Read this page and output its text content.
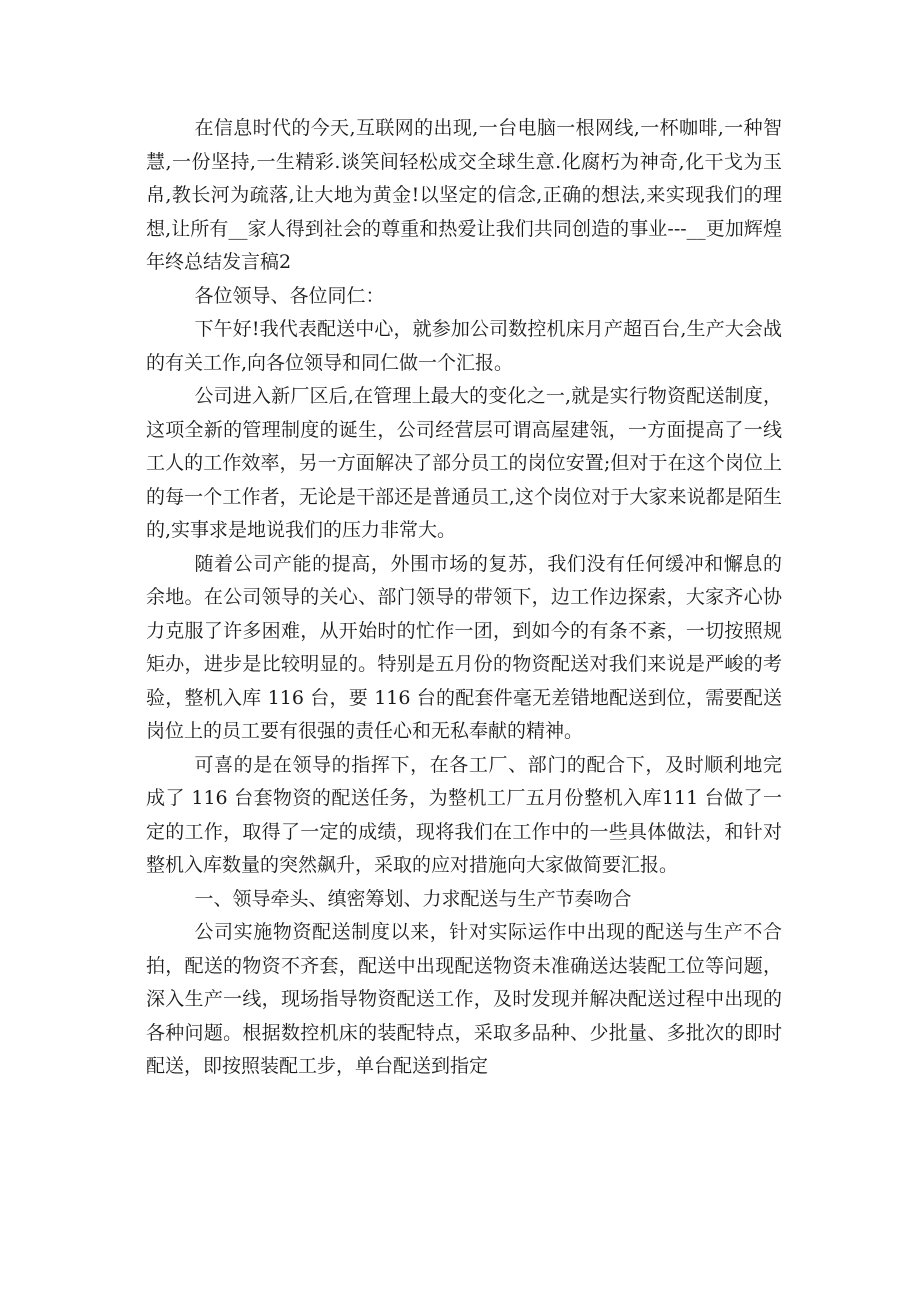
在信息时代的今天,互联网的出现,一台电脑一根网线,一杯咖啡,一种智慧,一份坚持,一生精彩.谈笑间轻松成交全球生意.化腐朽为神奇,化干戈为玉帛,教长河为疏落,让大地为黄金!以坚定的信念,正确的想法,来实现我们的理想,让所有__家人得到社会的尊重和热爱让我们共同创造的事业---__更加辉煌年终总结发言稿2

各位领导、各位同仁：

下午好!我代表配送中心，就参加公司数控机床月产超百台,生产大会战的有关工作,向各位领导和同仁做一个汇报。

公司进入新厂区后,在管理上最大的变化之一,就是实行物资配送制度，这项全新的管理制度的诞生，公司经营层可谓高屋建瓴，一方面提高了一线工人的工作效率，另一方面解决了部分员工的岗位安置;但对于在这个岗位上的每一个工作者，无论是干部还是普通员工,这个岗位对于大家来说都是陌生的,实事求是地说我们的压力非常大。

随着公司产能的提高，外围市场的复苏，我们没有任何缓冲和懈息的余地。在公司领导的关心、部门领导的带领下，边工作边探索，大家齐心协力克服了许多困难，从开始时的忙作一团，到如今的有条不紊，一切按照规矩办，进步是比较明显的。特别是五月份的物资配送对我们来说是严峻的考验，整机入库 116 台，要 116 台的配套件毫无差错地配送到位，需要配送岗位上的员工要有很强的责任心和无私奉献的精神。

可喜的是在领导的指挥下，在各工厂、部门的配合下，及时顺利地完成了 116 台套物资的配送任务，为整机工厂五月份整机入库111 台做了一定的工作，取得了一定的成绩，现将我们在工作中的一些具体做法，和针对整机入库数量的突然飙升，采取的应对措施向大家做简要汇报。

一、领导牵头、缜密筹划、力求配送与生产节奏吻合

公司实施物资配送制度以来，针对实际运作中出现的配送与生产不合拍，配送的物资不齐套，配送中出现配送物资未准确送达装配工位等问题，深入生产一线，现场指导物资配送工作，及时发现并解决配送过程中出现的各种问题。根据数控机床的装配特点，采取多品种、少批量、多批次的即时配送，即按照装配工步，单台配送到指定
